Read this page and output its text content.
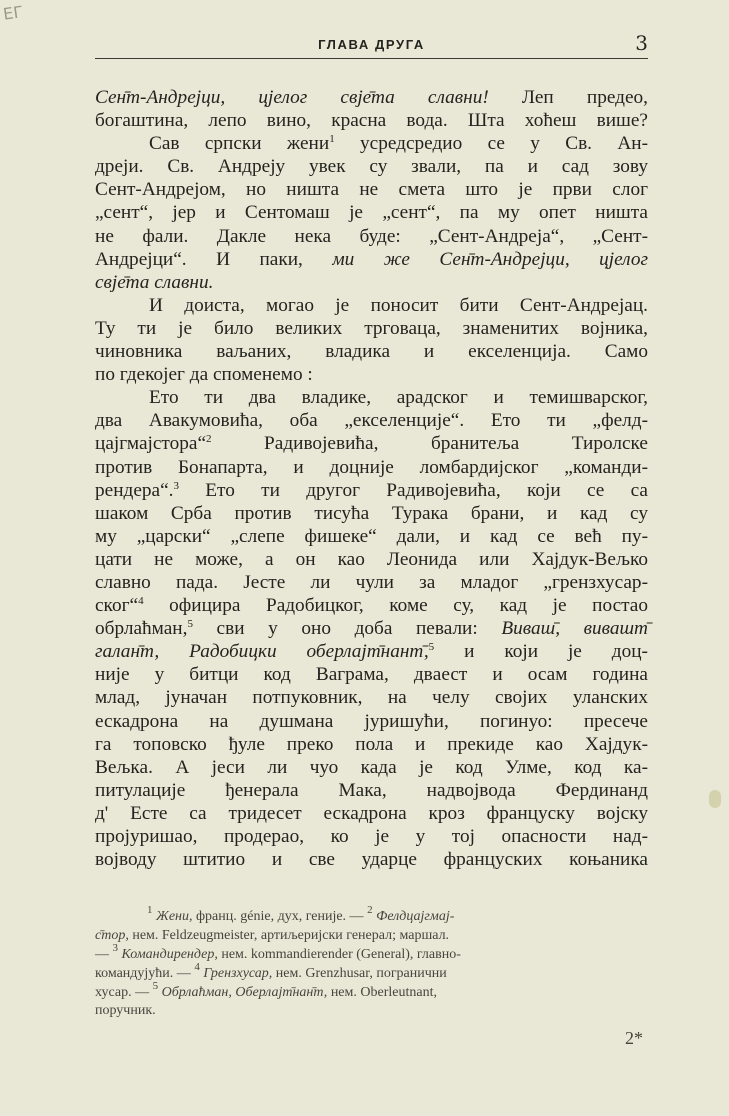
ЕГ
ГЛАВА ДРУГА	3
Сен̄т-Андрејци, цјелог свје̄та славни! Леп предео,
богаштина, лепо вино, красна вода. Шта хоћеш више?
Сав српски жени$^1$ усредсредио се у Св. Ан-
дреји. Св. Андреју увек су звали, па и сад зову
Сент-Андрејом, но ништа не смета што је први слог
„сент“, јер и Сентомаш је „сент“, па му опет ништа
не фали. Дакле нека буде: „Сент-Андреја“, „Сент-
Андрејци“. И паки, ми же Сен̄т-Андрејци, цјелог
свје̄та славни.
И доиста, могао је поносит бити Сент-Андрејац.
Ту ти је било великих трговаца, знаменитих војника,
чиновника ваљаних, владика и екселенција. Само
по гдекојег да споменемо :
Ето ти два владике, арадског и темишварског,
два Авакумовића, оба „екселенције“. Ето ти „фелд-
цајгмајстора“$^2$ Радивојевића, бранитеља Тиролске
против Бонапарта, и доцније ломбардијског „команди-
рендера“.$^3$ Ето ти другог Радивојевића, који се са
шаком Срба против тисућа Турака брани, и кад су
му „царски“ „слепе фишеке“ дали, и кад се већ пу-
цати не може, а он као Леонида или Хајдук-Вељко
славно пада. Јесте ли чули за младог „грензхусар-
ског“$^4$ официра Радобицког, коме су, кад је постао
обрлаћман,$^5$ сви у оно доба певали: Виваш̄, вивашт̄
галан̄т, Радобицки оберлајт̄нант̄,$^5$ и који је доц-
није у битци код Ваграма, двaест и осам година
млад, јуначан потпуковник, на челу својих уланских
ескадрона на душмана јуришући, погинуо: пресече
га топовско ђуле преко пола и прекиде као Хајдук-
Вељка. А јеси ли чуо када је код Улме, код ка-
питулације ђенерала Мака, надвојвода Фердинанд
д' Есте са тридесет ескадрона кроз француску војску
пројуришао, продерао, ко је у тој опасности над-
војводу штитио и све ударце француских коњаника
$^1$ Жени, франц. génie, дух, геније. — $^2$ Фелдцајгмај-
с̄тор, нем. Feldzeugmeister, артиљеријски генерал; маршал.
— $^3$ Командирендер, нем. kommandierender (General), главно-
командујући. — $^4$ Грензхусар, нем. Grenzhusar, погранични
хусар. — $^5$ Обрлаћман, Оберлајт̄нан̄т, нем. Oberleutnant,
поручник.
2*
